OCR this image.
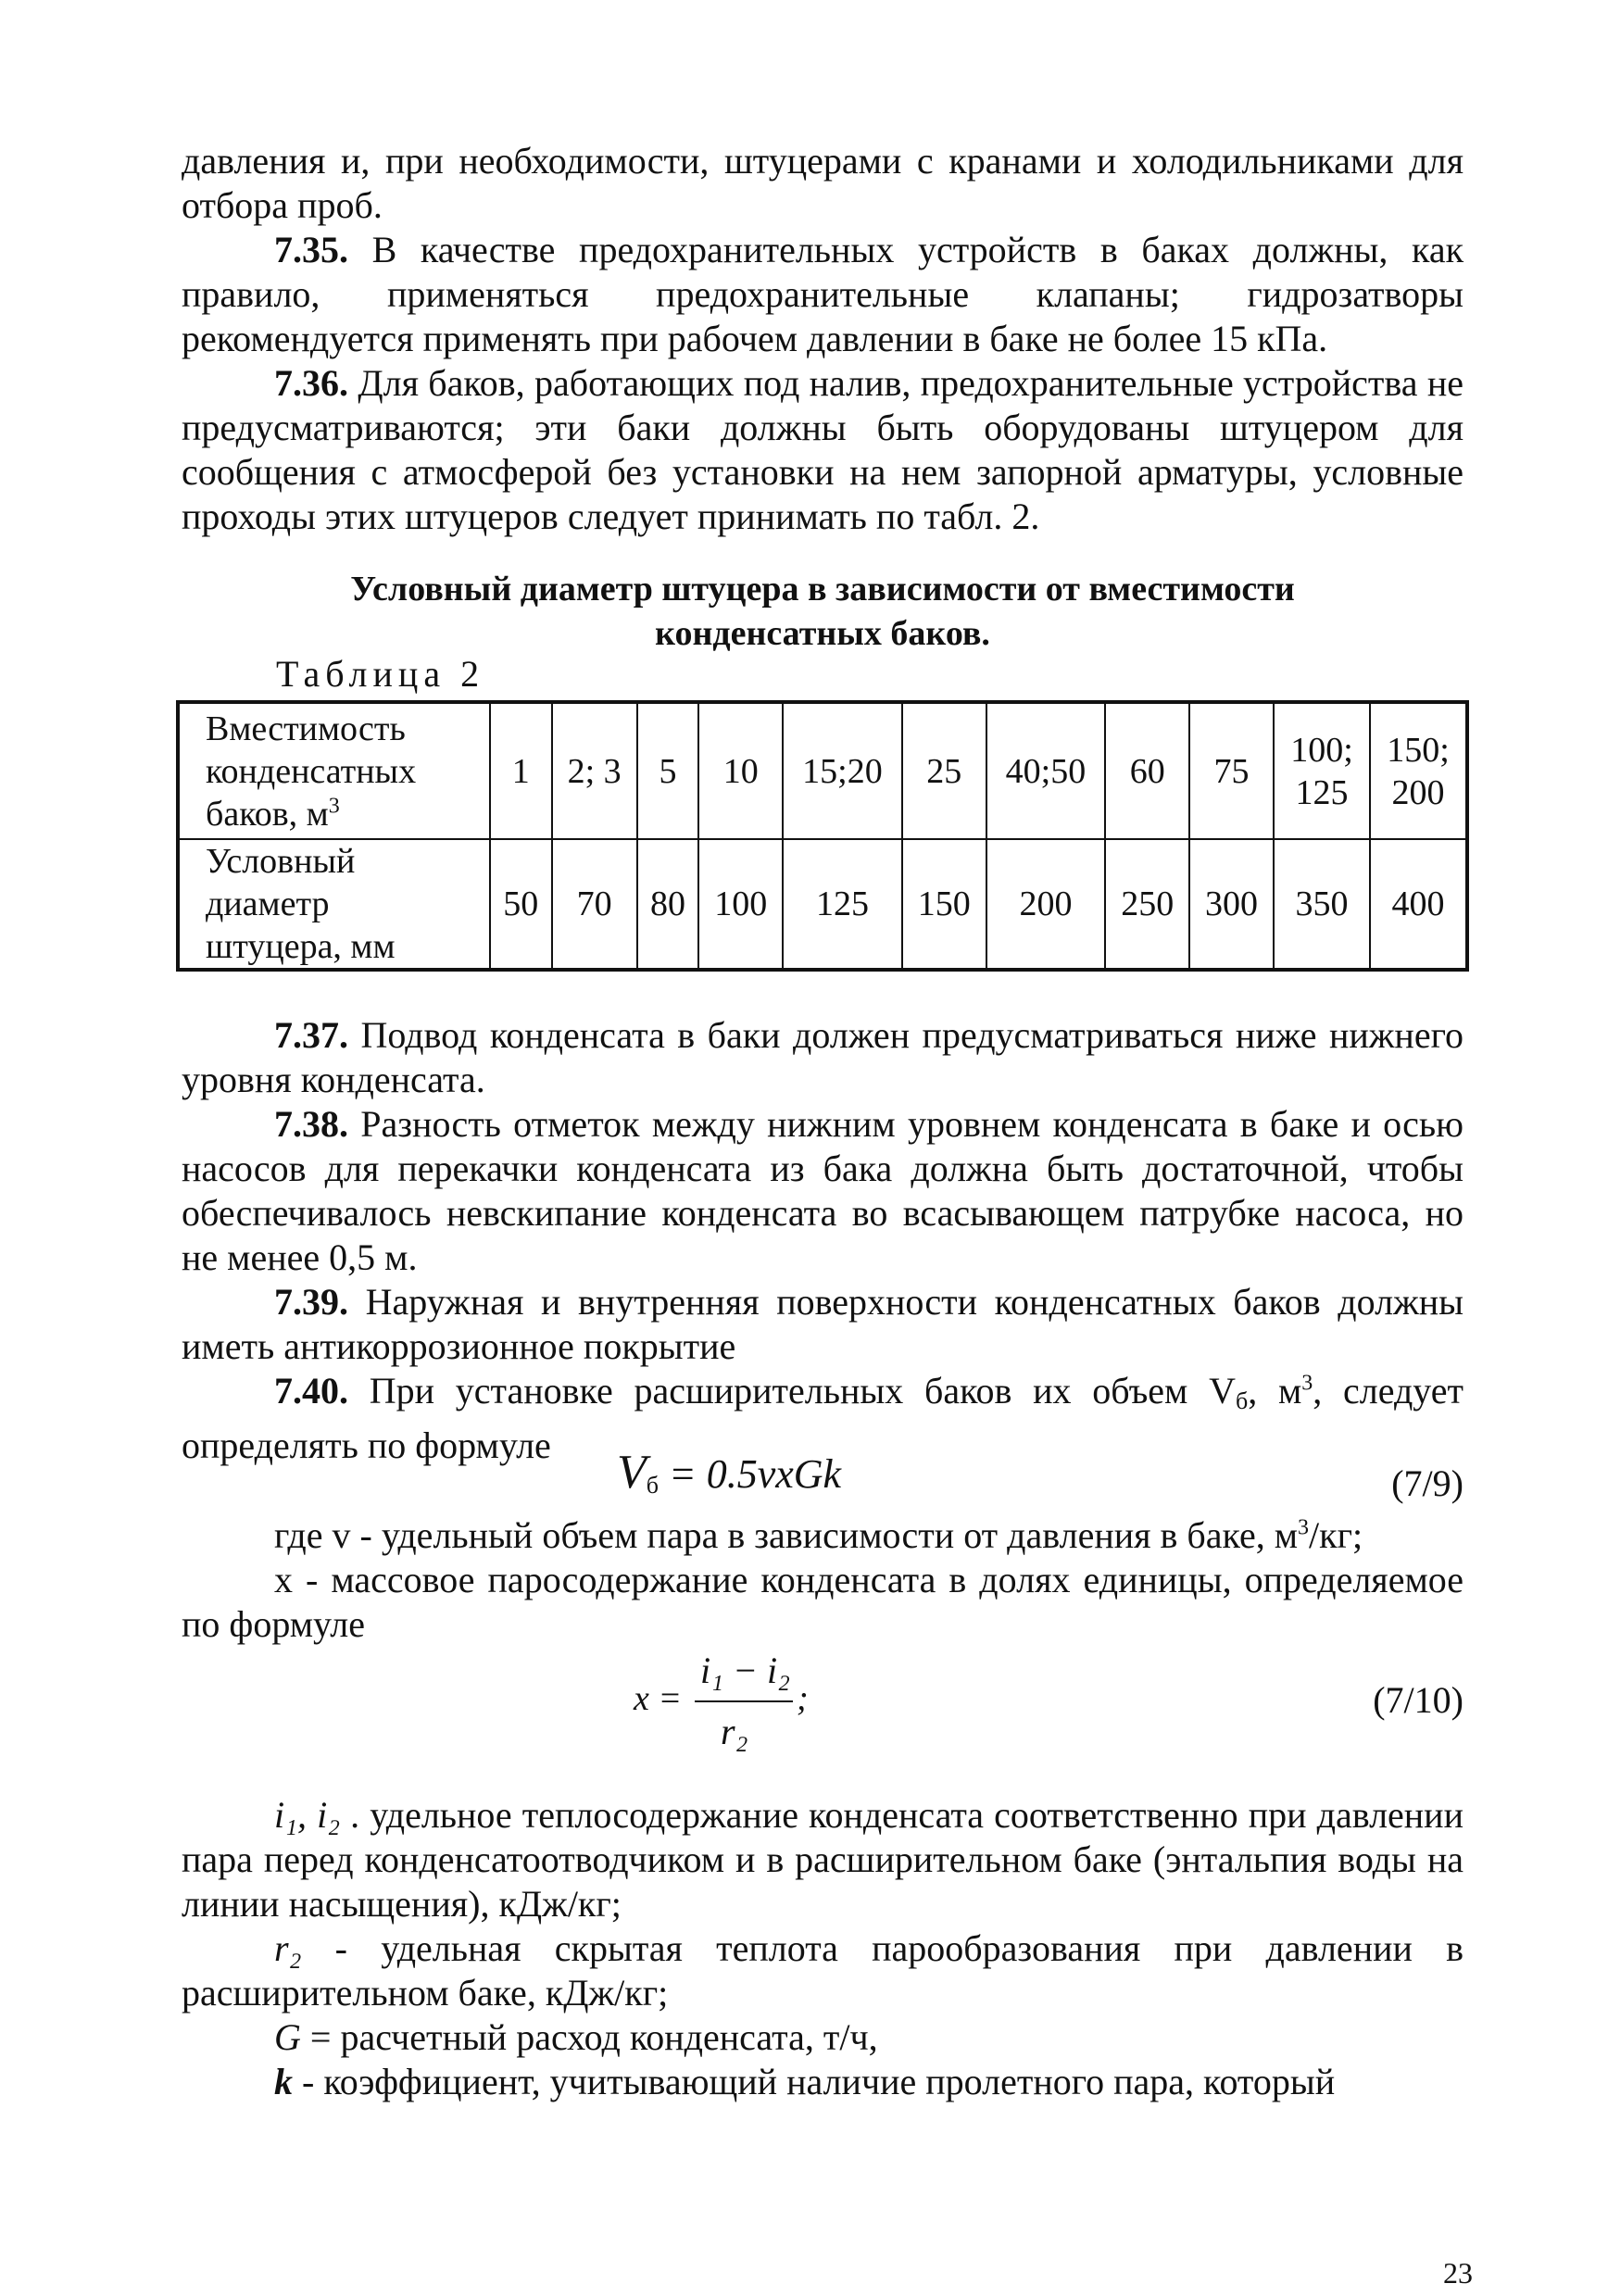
давления и, при необходимости, штуцерами с кранами и холодильниками для отбора проб.

7.35. В качестве предохранительных устройств в баках должны, как правило, применяться предохранительные клапаны; гидрозатворы рекомендуется применять при рабочем давлении в баке не более 15 кПа.

7.36. Для баков, работающих под налив, предохранительные устройства не предусматриваются; эти баки должны быть оборудованы штуцером для сообщения с атмосферой без установки на нем запорной арматуры, условные проходы этих штуцеров следует принимать по табл. 2.

Условный диаметр штуцера в зависимости от вместимости
конденсатных баков.
Таблица 2
Вместимость
конденсатных
баков, $м^3$	1	2; 3	5	10	15;20	25	40;50	60	75	100; 125	150; 200

Условный
диаметр
штуцера, мм	50	70	80	100	125	150	200	250	300	350	400

7.37. Подвод конденсата в баки должен предусматриваться ниже нижнего уровня конденсата.

7.38. Разность отметок между нижним уровнем конденсата в баке и осью насосов для перекачки конденсата из бака должна быть достаточной, чтобы обеспечивалось невскипание конденсата во всасывающем патрубке насоса, но не менее 0,5 м.

7.39. Наружная и внутренняя поверхности конденсатных баков должны иметь антикоррозионное покрытие

7.40. При установке расширительных баков их объем $V_б$, $м^3$, следует определять по формуле

$V_б$ = 0.5vxGk	(7/9)

где v - удельный объем пара в зависимости от давления в баке, $м^3/кг$;

х - массовое паросодержание конденсата в долях единицы, определяемое по формуле

x =
i₁ − i₂
r₂
;	(7/10)

i₁, i₂ . удельное теплосодержание конденсата соответственно при давлении пара перед конденсатоотводчиком и в расширительном баке (энтальпия воды на линии насыщения), кДж/кг;

r₂ - удельная скрытая теплота парообразования при давлении в расширительном баке, кДж/кг;

G = расчетный расход конденсата, т/ч,

k - коэффициент, учитывающий наличие пролетного пара, который

23
